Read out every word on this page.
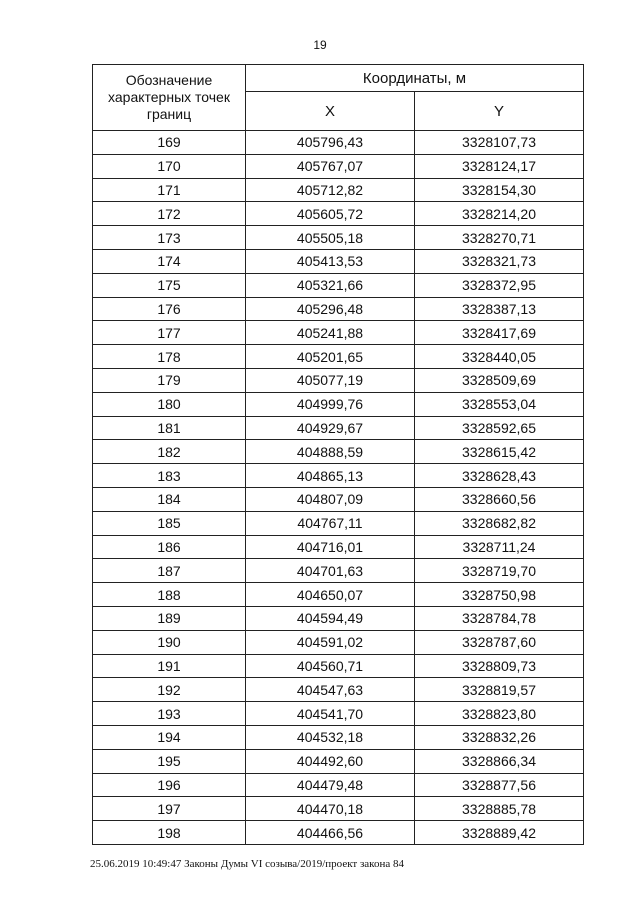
19
Обозначение характерных точек границ	Координаты, м	
	X	Y
169	405796,43	3328107,73
170	405767,07	3328124,17
171	405712,82	3328154,30
172	405605,72	3328214,20
173	405505,18	3328270,71
174	405413,53	3328321,73
175	405321,66	3328372,95
176	405296,48	3328387,13
177	405241,88	3328417,69
178	405201,65	3328440,05
179	405077,19	3328509,69
180	404999,76	3328553,04
181	404929,67	3328592,65
182	404888,59	3328615,42
183	404865,13	3328628,43
184	404807,09	3328660,56
185	404767,11	3328682,82
186	404716,01	3328711,24
187	404701,63	3328719,70
188	404650,07	3328750,98
189	404594,49	3328784,78
190	404591,02	3328787,60
191	404560,71	3328809,73
192	404547,63	3328819,57
193	404541,70	3328823,80
194	404532,18	3328832,26
195	404492,60	3328866,34
196	404479,48	3328877,56
197	404470,18	3328885,78
198	404466,56	3328889,42
25.06.2019 10:49:47 Законы Думы VI созыва/2019/проект закона 84
